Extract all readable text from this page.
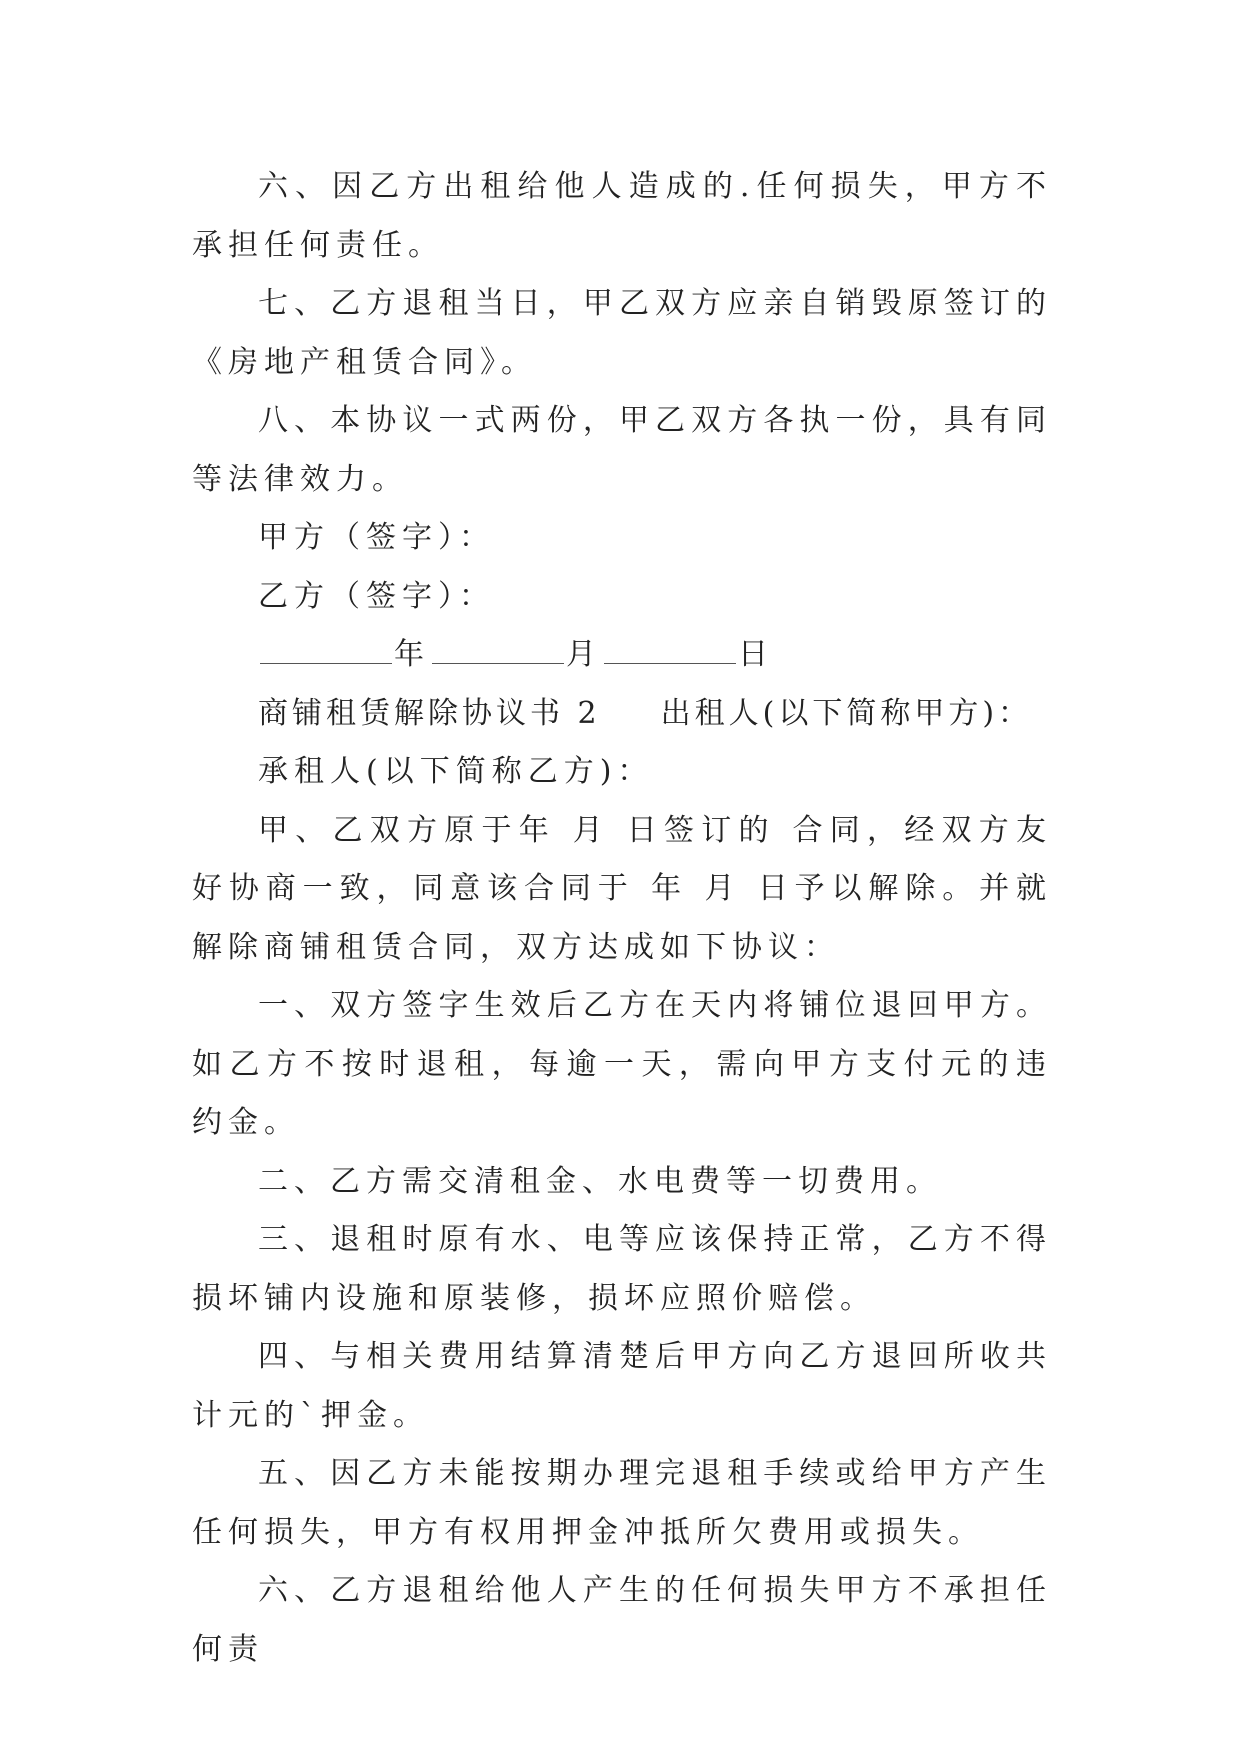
六、因乙方出租给他人造成的.任何损失，甲方不承担任何责任。

七、乙方退租当日，甲乙双方应亲自销毁原签订的《房地产租赁合同》。

八、本协议一式两份，甲乙双方各执一份，具有同等法律效力。

甲方（签字）：

乙方（签字）：

年	月	日

商铺租赁解除协议书 2 出租人(以下简称甲方)：

承租人(以下简称乙方)：

甲、乙双方原于年 月 日签订的 合同，经双方友好协商一致，同意该合同于 年 月 日予以解除。并就解除商铺租赁合同，双方达成如下协议：

一、双方签字生效后乙方在天内将铺位退回甲方。如乙方不按时退租，每逾一天，需向甲方支付元的违约金。

二、乙方需交清租金、水电费等一切费用。

三、退租时原有水、电等应该保持正常，乙方不得损坏铺内设施和原装修，损坏应照价赔偿。

四、与相关费用结算清楚后甲方向乙方退回所收共计元的`押金。

五、因乙方未能按期办理完退租手续或给甲方产生任何损失，甲方有权用押金冲抵所欠费用或损失。

六、乙方退租给他人产生的任何损失甲方不承担任何责
